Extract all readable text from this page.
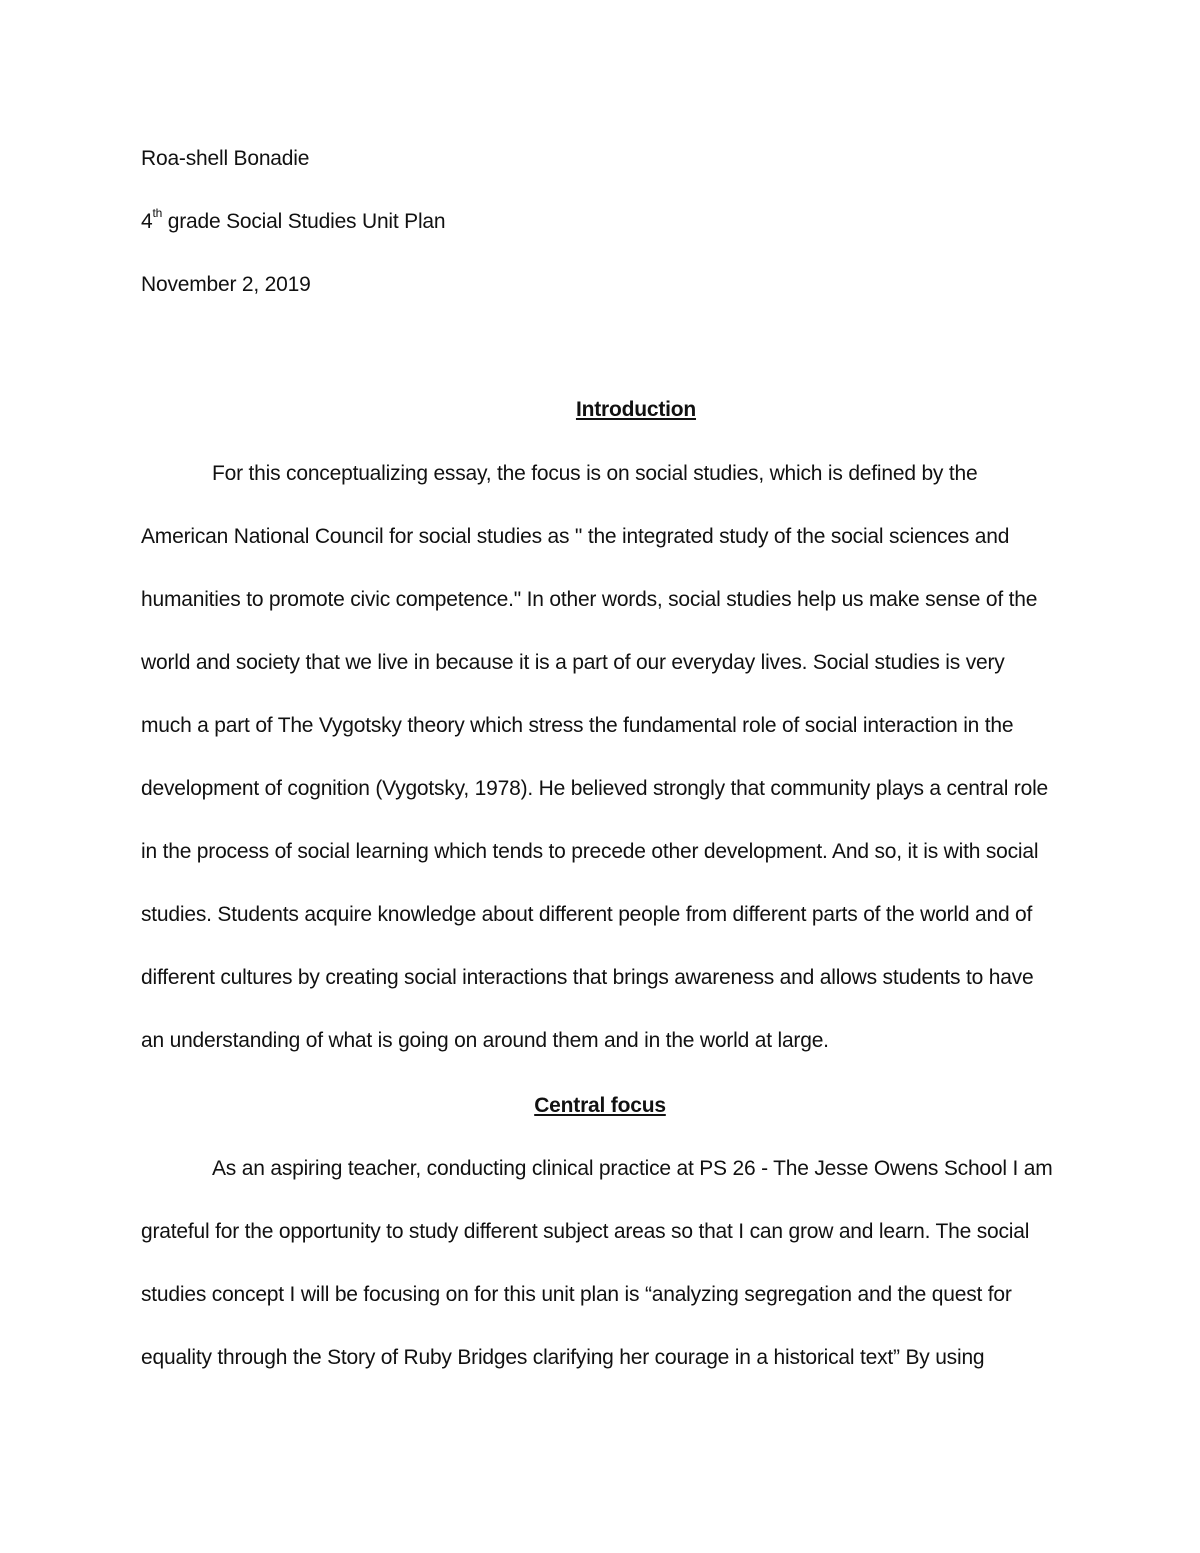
Roa-shell Bonadie

4th grade Social Studies Unit Plan

November 2, 2019

Introduction
For this conceptualizing essay, the focus is on social studies, which is defined by the
American National Council for social studies as " the integrated study of the social sciences and
humanities to promote civic competence." In other words, social studies help us make sense of the
world and society that we live in because it is a part of our everyday lives. Social studies is very
much a part of The Vygotsky theory which stress the fundamental role of social interaction in the
development of cognition (Vygotsky, 1978). He believed strongly that community plays a central role
in the process of social learning which tends to precede other development. And so, it is with social
studies. Students acquire knowledge about different people from different parts of the world and of
different cultures by creating social interactions that brings awareness and allows students to have
an understanding of what is going on around them and in the world at large.
Central focus
As an aspiring teacher, conducting clinical practice at PS 26 - The Jesse Owens School I am
grateful for the opportunity to study different subject areas so that I can grow and learn. The social
studies concept I will be focusing on for this unit plan is “analyzing segregation and the quest for
equality through the Story of Ruby Bridges clarifying her courage in a historical text” By using
